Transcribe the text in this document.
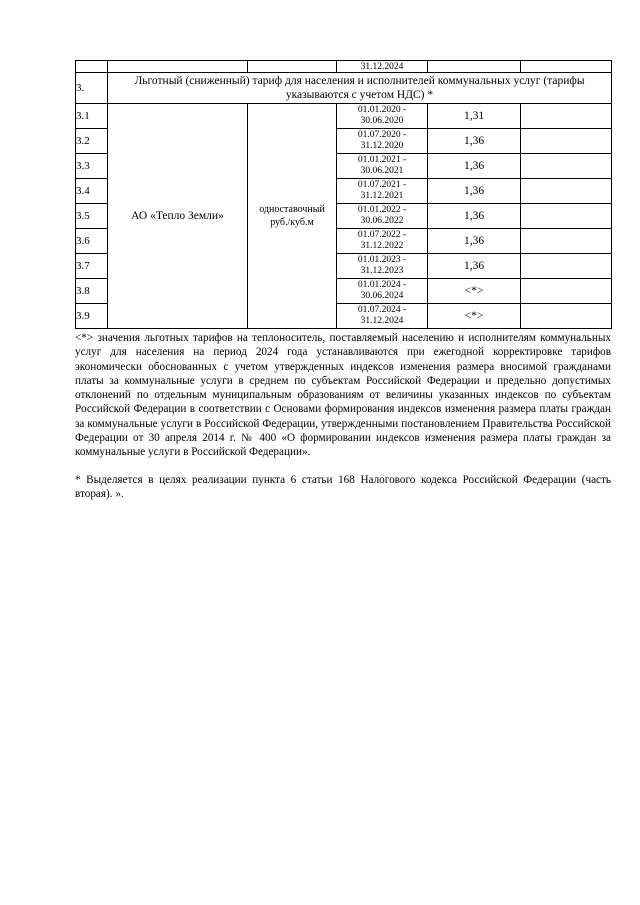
			31.12.2024		
3.	Льготный (сниженный) тариф для населения и исполнителей коммунальных услуг (тарифы указываются с учетом НДС) *				
3.1	АО «Тепло Земли»	одноставочный руб./куб.м	01.01.2020 - 30.06.2020	1,31	
3.2			01.07.2020 - 31.12.2020	1,36	
3.3			01.01.2021 - 30.06.2021	1,36	
3.4			01.07.2021 - 31.12.2021	1,36	
3.5			01.01.2022 - 30.06.2022	1,36	
3.6			01.07.2022 - 31.12.2022	1,36	
3.7			01.01.2023 - 31.12.2023	1,36	
3.8			01.01.2024 - 30.06.2024	<*>	
3.9			01.07.2024 - 31.12.2024	<*>	

<*> значения льготных тарифов на теплоноситель, поставляемый населению и исполнителям коммунальных услуг для населения на период 2024 года устанавливаются при ежегодной корректировке тарифов экономически обоснованных с учетом утвержденных индексов изменения размера вносимой гражданами платы за коммунальные услуги в среднем по субъектам Российской Федерации и предельно допустимых отклонений по отдельным муниципальным образованиям от величины указанных индексов по субъектам Российской Федерации в соответствии с Основами формирования индексов изменения размера платы граждан за коммунальные услуги в Российской Федерации, утвержденными постановлением Правительства Российской Федерации от 30 апреля 2014 г. № 400 «О формировании индексов изменения размера платы граждан за коммунальные услуги в Российской Федерации».

* Выделяется в целях реализации пункта 6 статьи 168 Налогового кодекса Российской Федерации (часть вторая). ».
